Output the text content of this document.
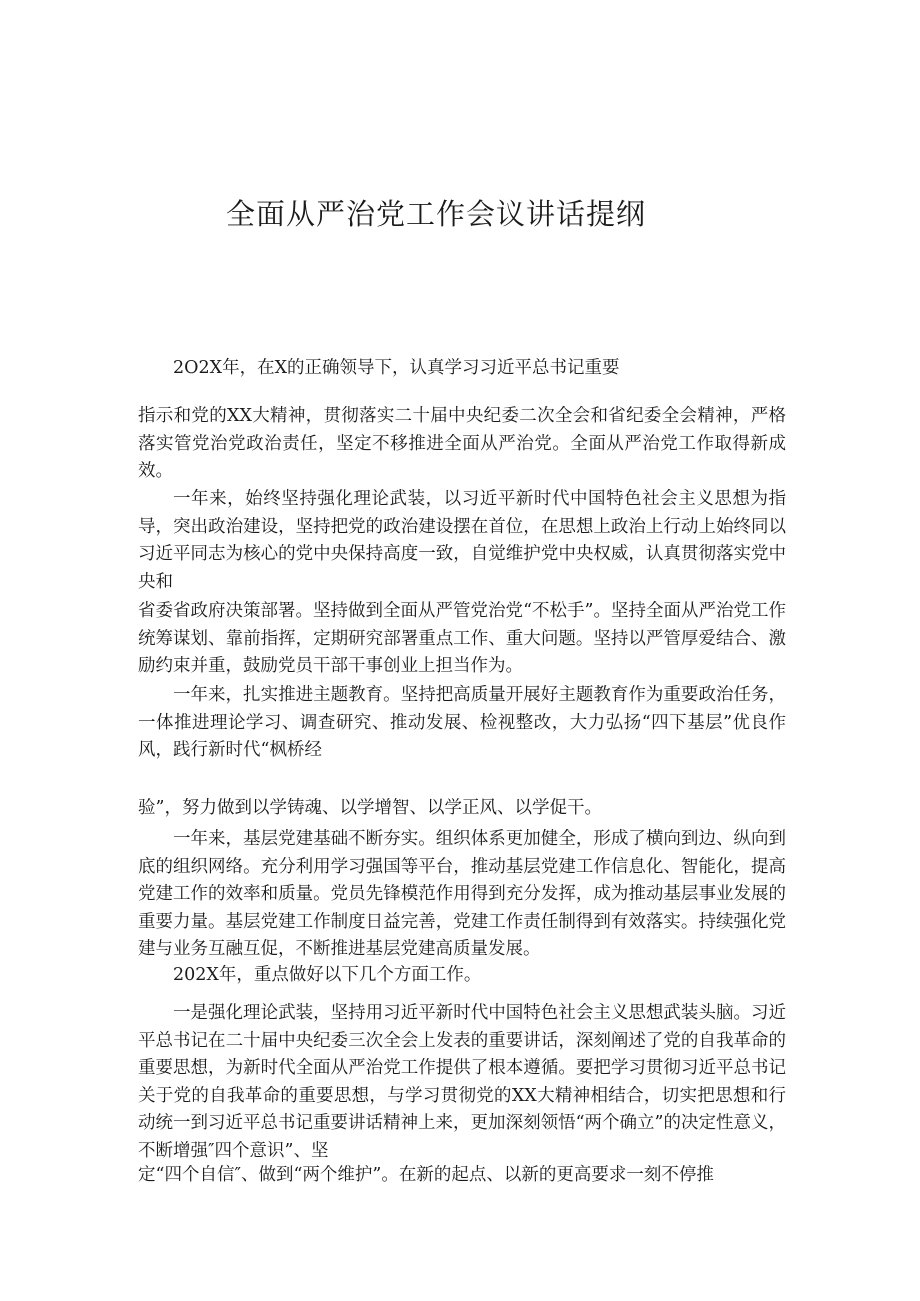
全面从严治党工作会议讲话提纲

2O2X年，在X的正确领导下，认真学习习近平总书记重要

指示和党的XX大精神，贯彻落实二十届中央纪委二次全会和省纪委全会精神，严格落实管党治党政治责任，坚定不移推进全面从严治党。全面从严治党工作取得新成效。

一年来，始终坚持强化理论武装，以习近平新时代中国特色社会主义思想为指导，突出政治建设，坚持把党的政治建设摆在首位，在思想上政治上行动上始终同以习近平同志为核心的党中央保持高度一致，自觉维护党中央权威，认真贯彻落实党中央和

省委省政府决策部署。坚持做到全面从严管党治党“不松手”。坚持全面从严治党工作统筹谋划、靠前指挥，定期研究部署重点工作、重大问题。坚持以严管厚爱结合、激励约束并重，鼓励党员干部干事创业上担当作为。

一年来，扎实推进主题教育。坚持把高质量开展好主题教育作为重要政治任务，一体推进理论学习、调查研究、推动发展、检视整改，大力弘扬“四下基层”优良作风，践行新时代“枫桥经

验”，努力做到以学铸魂、以学增智、以学正风、以学促干。

一年来，基层党建基础不断夯实。组织体系更加健全，形成了横向到边、纵向到底的组织网络。充分利用学习强国等平台，推动基层党建工作信息化、智能化，提高党建工作的效率和质量。党员先锋模范作用得到充分发挥，成为推动基层事业发展的重要力量。基层党建工作制度日益完善，党建工作责任制得到有效落实。持续强化党建与业务互融互促，不断推进基层党建高质量发展。

202X年，重点做好以下几个方面工作。

一是强化理论武装，坚持用习近平新时代中国特色社会主义思想武装头脑。习近平总书记在二十届中央纪委三次全会上发表的重要讲话，深刻阐述了党的自我革命的重要思想，为新时代全面从严治党工作提供了根本遵循。要把学习贯彻习近平总书记关于党的自我革命的重要思想，与学习贯彻党的XX大精神相结合，切实把思想和行动统一到习近平总书记重要讲话精神上来，更加深刻领悟“两个确立”的决定性意义，不断增强″四个意识”、坚

定“四个自信″、做到“两个维护”。在新的起点、以新的更高要求一刻不停推
